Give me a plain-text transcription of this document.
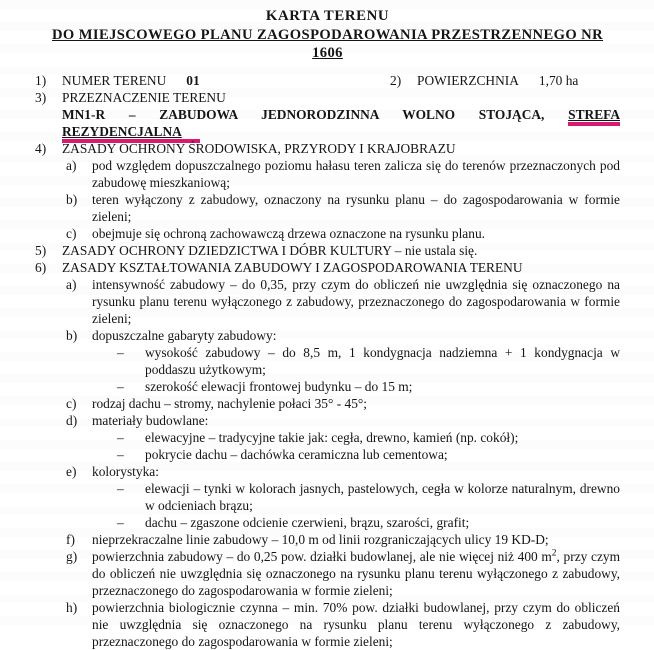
KARTA TERENU
DO MIEJSCOWEGO PLANU ZAGOSPODAROWANIA PRZESTRZENNEGO NR 1606
1)	NUMER TERENU 01	2)	POWIERZCHNIA 1,70 ha
3)	PRZEZNACZENIE TERENU
MN1-R – ZABUDOWA JEDNORODZINNA WOLNO STOJĄCA, STREFA
REZYDENCJALNA
4)	ZASADY OCHRONY ŚRODOWISKA, PRZYRODY I KRAJOBRAZU
a)	pod względem dopuszczalnego poziomu hałasu teren zalicza się do terenów przeznaczonych pod zabudowę mieszkaniową;
b)	teren wyłączony z zabudowy, oznaczony na rysunku planu – do zagospodarowania w formie zieleni;
c)	obejmuje się ochroną zachowawczą drzewa oznaczone na rysunku planu.
5)	ZASADY OCHRONY DZIEDZICTWA I DÓBR KULTURY – nie ustala się.
6)	ZASADY KSZTAŁTOWANIA ZABUDOWY I ZAGOSPODAROWANIA TERENU
a)	intensywność zabudowy – do 0,35, przy czym do obliczeń nie uwzględnia się oznaczonego na rysunku planu terenu wyłączonego z zabudowy, przeznaczonego do zagospodarowania w formie zieleni;
b)	dopuszczalne gabaryty zabudowy:
–	wysokość zabudowy – do 8,5 m, 1 kondygnacja nadziemna + 1 kondygnacja w poddaszu użytkowym;
–	szerokość elewacji frontowej budynku – do 15 m;
c)	rodzaj dachu – stromy, nachylenie połaci 35° - 45°;
d)	materiały budowlane:
–	elewacyjne – tradycyjne takie jak: cegła, drewno, kamień (np. cokół);
–	pokrycie dachu – dachówka ceramiczna lub cementowa;
e)	kolorystyka:
–	elewacji – tynki w kolorach jasnych, pastelowych, cegła w kolorze naturalnym, drewno w odcieniach brązu;
–	dachu – zgaszone odcienie czerwieni, brązu, szarości, grafit;
f)	nieprzekraczalne linie zabudowy – 10,0 m od linii rozgraniczających ulicy 19 KD-D;
g)	powierzchnia zabudowy – do 0,25 pow. działki budowlanej, ale nie więcej niż 400 $m^2$, przy czym do obliczeń nie uwzględnia się oznaczonego na rysunku planu terenu wyłączonego z zabudowy, przeznaczonego do zagospodarowania w formie zieleni;
h)	powierzchnia biologicznie czynna – min. 70% pow. działki budowlanej, przy czym do obliczeń nie uwzględnia się oznaczonego na rysunku planu terenu wyłączonego z zabudowy, przeznaczonego do zagospodarowania w formie zieleni;
